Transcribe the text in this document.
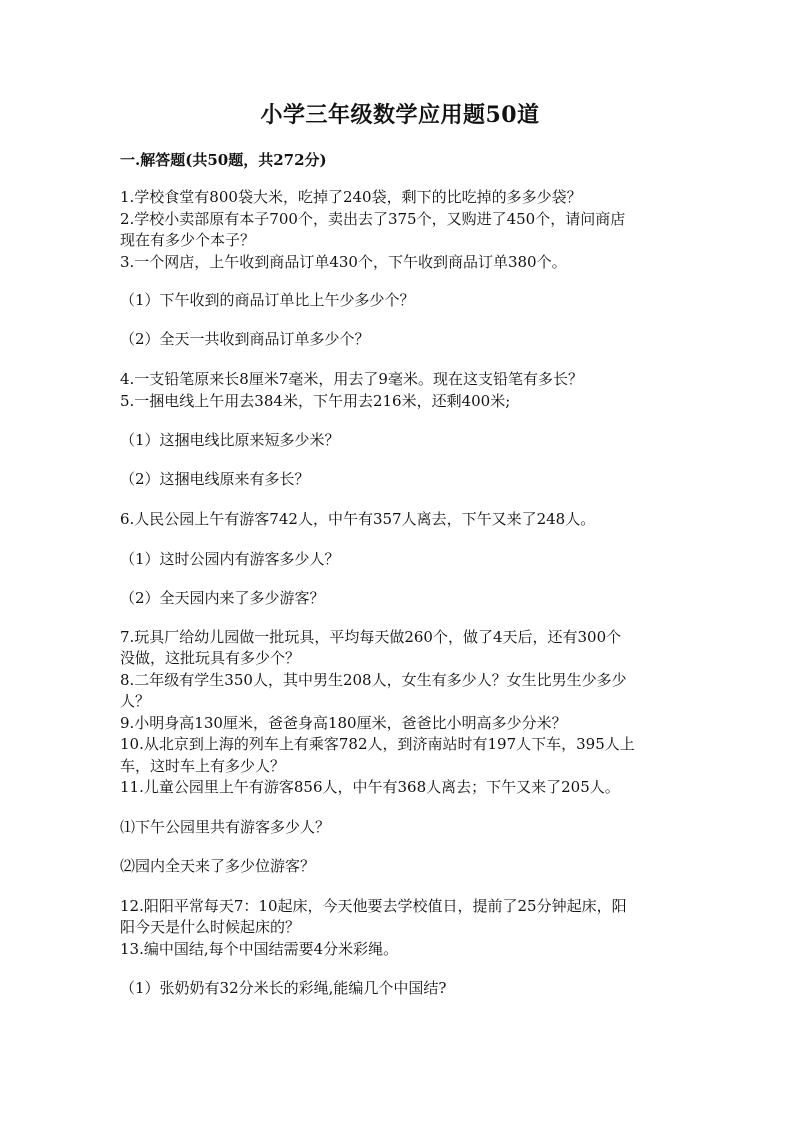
小学三年级数学应用题50道
一.解答题(共50题，共272分)
1.学校食堂有800袋大米，吃掉了240袋，剩下的比吃掉的多多少袋？
2.学校小卖部原有本子700个，卖出去了375个，又购进了450个，请问商店
现在有多少个本子？
3.一个网店，上午收到商品订单430个，下午收到商品订单380个。
（1）下午收到的商品订单比上午少多少个？
（2）全天一共收到商品订单多少个？
4.一支铅笔原来长8厘米7毫米，用去了9毫米。现在这支铅笔有多长？
5.一捆电线上午用去384米，下午用去216米，还剩400米;
（1）这捆电线比原来短多少米？
（2）这捆电线原来有多长？
6.人民公园上午有游客742人，中午有357人离去，下午又来了248人。
（1）这时公园内有游客多少人？
（2）全天园内来了多少游客？
7.玩具厂给幼儿园做一批玩具，平均每天做260个，做了4天后，还有300个
没做，这批玩具有多少个？
8.二年级有学生350人，其中男生208人，女生有多少人？女生比男生少多少
人？
9.小明身高130厘米，爸爸身高180厘米，爸爸比小明高多少分米？
10.从北京到上海的列车上有乘客782人，到济南站时有197人下车，395人上
车，这时车上有多少人？
11.儿童公园里上午有游客856人，中午有368人离去；下午又来了205人。
⑴下午公园里共有游客多少人？
⑵园内全天来了多少位游客？
12.阳阳平常每天7：10起床，今天他要去学校值日，提前了25分钟起床，阳
阳今天是什么时候起床的？
13.编中国结,每个中国结需要4分米彩绳。
（1）张奶奶有32分米长的彩绳,能编几个中国结?
